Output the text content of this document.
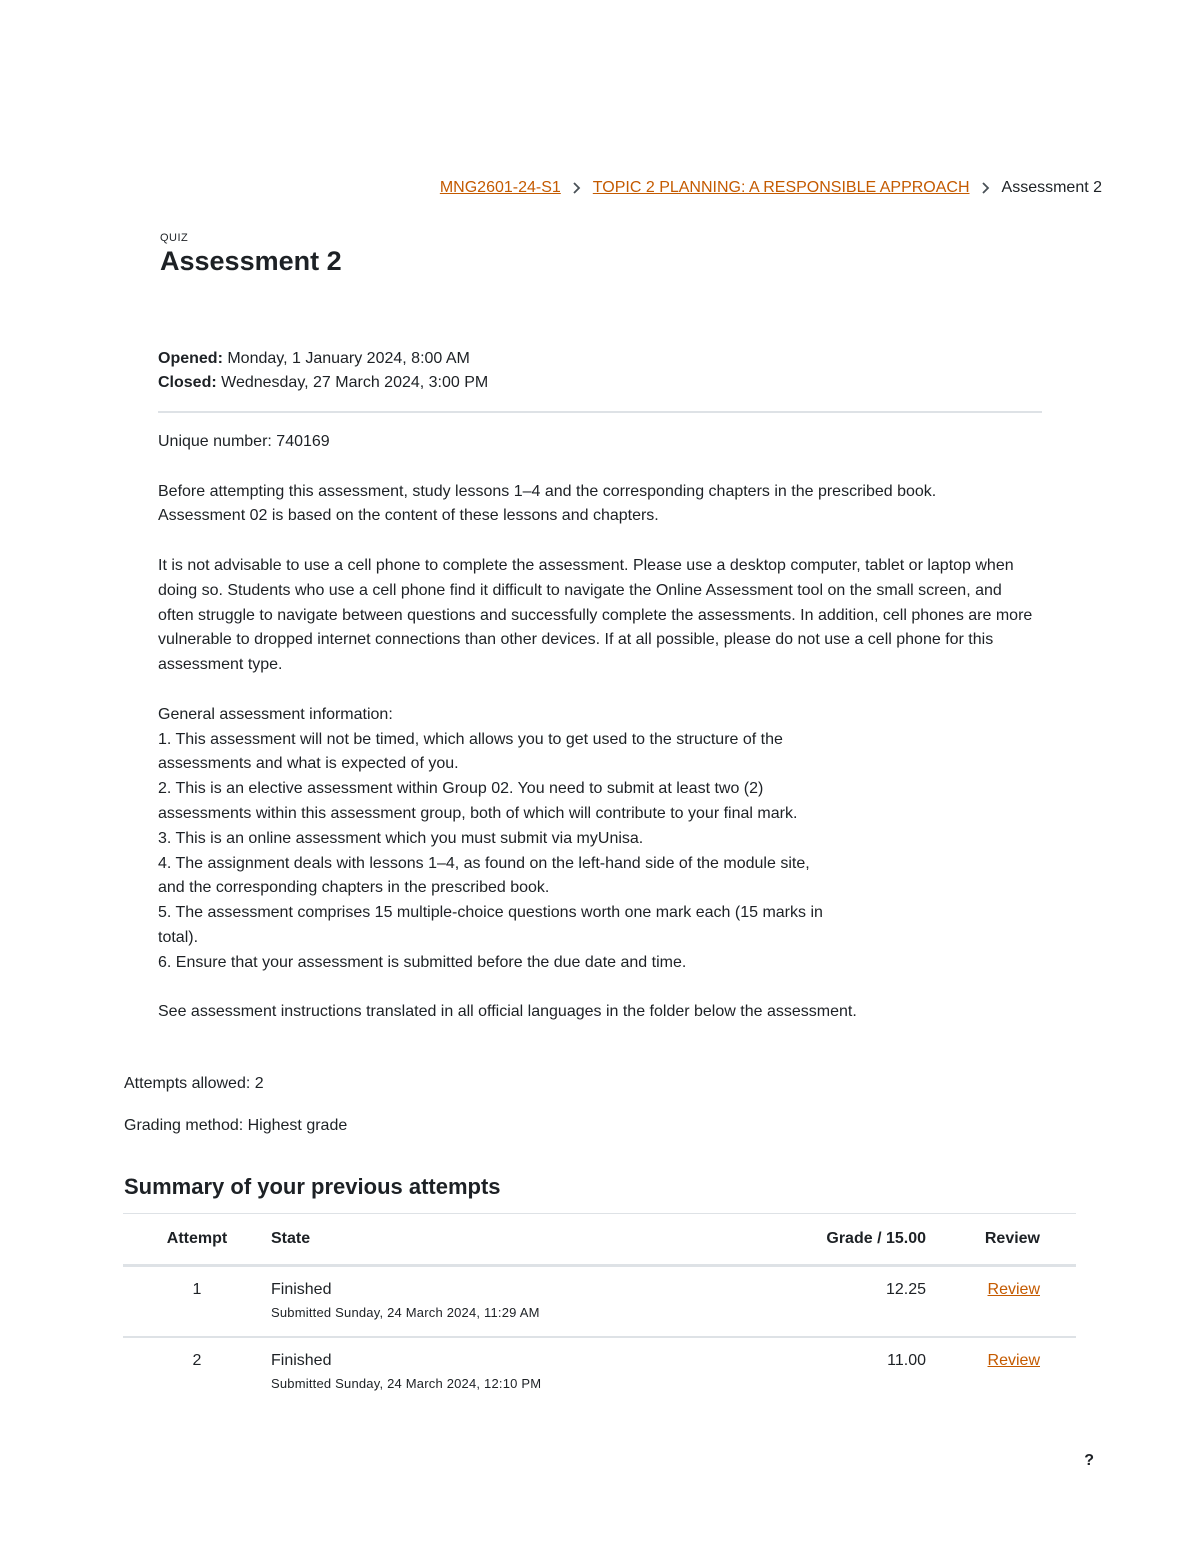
MNG2601-24-S1 TOPIC 2 PLANNING: A RESPONSIBLE APPROACH Assessment 2
QUIZ
Assessment 2
Opened: Monday, 1 January 2024, 8:00 AM
Closed: Wednesday, 27 March 2024, 3:00 PM

Unique number: 740169

Before attempting this assessment, study lessons 1–4 and the corresponding chapters in the prescribed book.
Assessment 02 is based on the content of these lessons and chapters.

It is not advisable to use a cell phone to complete the assessment. Please use a desktop computer, tablet or laptop when doing so. Students who use a cell phone find it difficult to navigate the Online Assessment tool on the small screen, and often struggle to navigate between questions and successfully complete the assessments. In addition, cell phones are more vulnerable to dropped internet connections than other devices. If at all possible, please do not use a cell phone for this assessment type.

General assessment information:

1. This assessment will not be timed, which allows you to get used to the structure of the assessments and what is expected of you.

2. This is an elective assessment within Group 02. You need to submit at least two (2) assessments within this assessment group, both of which will contribute to your final mark.

3. This is an online assessment which you must submit via myUnisa.

4. The assignment deals with lessons 1–4, as found on the left-hand side of the module site, and the corresponding chapters in the prescribed book.

5. The assessment comprises 15 multiple-choice questions worth one mark each (15 marks in total).

6. Ensure that your assessment is submitted before the due date and time.

See assessment instructions translated in all official languages in the folder below the assessment.

Attempts allowed: 2
Grading method: Highest grade
Summary of your previous attempts
Attempt	State	Grade / 15.00	Review
1	Finished
Submitted Sunday, 24 March 2024, 11:29 AM	12.25	Review
2	Finished
Submitted Sunday, 24 March 2024, 12:10 PM	11.00	Review
?
